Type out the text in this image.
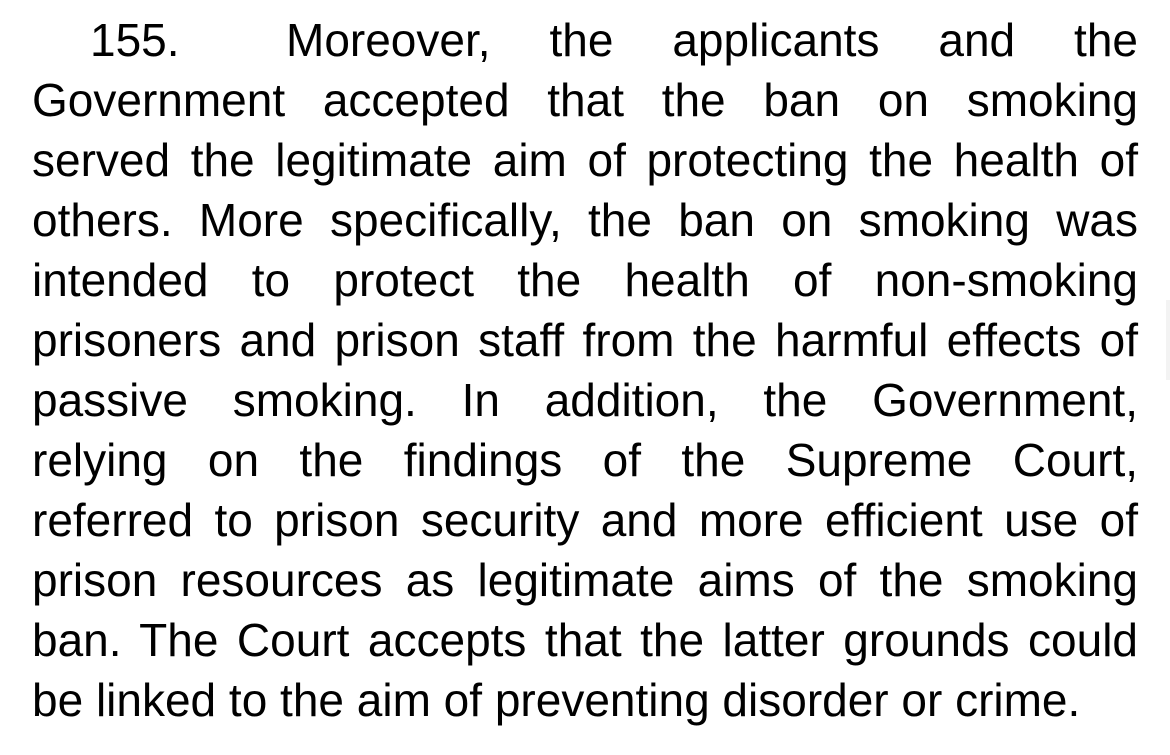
155. Moreover, the applicants and the
Government accepted that the ban on smoking
served the legitimate aim of protecting the health of
others. More specifically, the ban on smoking was
intended to protect the health of non-smoking
prisoners and prison staff from the harmful effects of
passive smoking. In addition, the Government,
relying on the findings of the Supreme Court,
referred to prison security and more efficient use of
prison resources as legitimate aims of the smoking
ban. The Court accepts that the latter grounds could
be linked to the aim of preventing disorder or crime.
